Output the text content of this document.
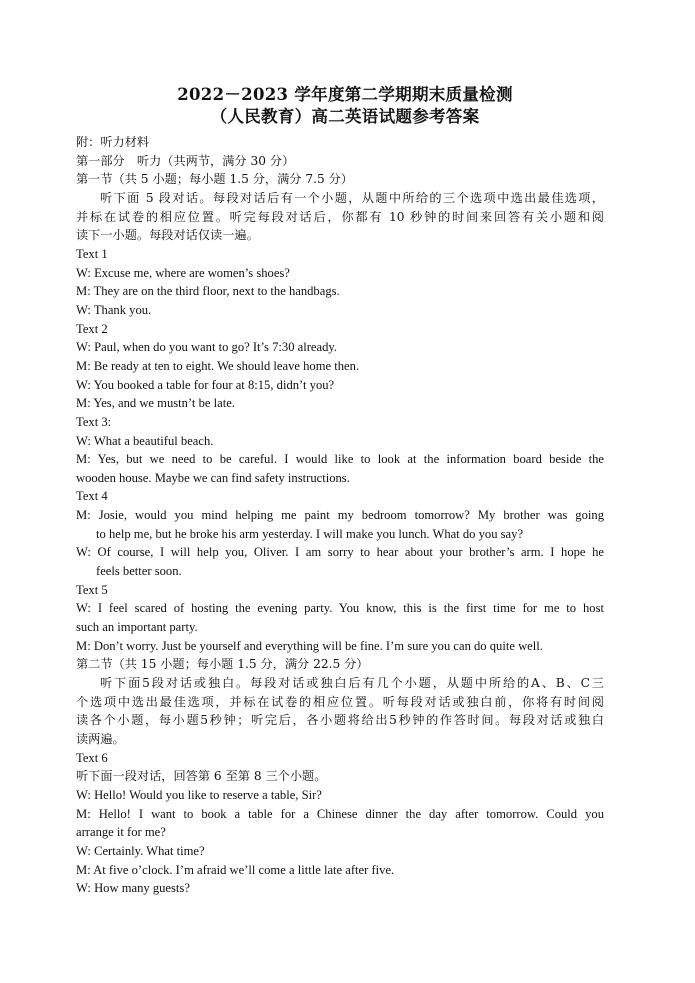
2022－2023 学年度第二学期期末质量检测
（人民教育）高二英语试题参考答案
附：听力材料
第一部分　听力（共两节，满分 30 分）
第一节（共 5 小题；每小题 1.5 分，满分 7.5 分）
听下面 5 段对话。每段对话后有一个小题，从题中所给的三个选项中选出最佳选项，
并标在试卷的相应位置。听完每段对话后，你都有 10 秒钟的时间来回答有关小题和阅
读下一小题。每段对话仅读一遍。
Text 1
W: Excuse me, where are women’s shoes?
M: They are on the third floor, next to the handbags.
W: Thank you.
Text 2
W: Paul, when do you want to go? It’s 7:30 already.
M: Be ready at ten to eight. We should leave home then.
W: You booked a table for four at 8:15, didn’t you?
M: Yes, and we mustn’t be late.
Text 3:
W: What a beautiful beach.
M: Yes, but we need to be careful. I would like to look at the information board beside the
wooden house. Maybe we can find safety instructions.
Text 4
M: Josie, would you mind helping me paint my bedroom tomorrow? My brother was going
to help me, but he broke his arm yesterday. I will make you lunch. What do you say?
W: Of course, I will help you, Oliver. I am sorry to hear about your brother’s arm. I hope he
feels better soon.
Text 5
W: I feel scared of hosting the evening party. You know, this is the first time for me to host
such an important party.
M: Don’t worry. Just be yourself and everything will be fine. I’m sure you can do quite well.
第二节（共 15 小题；每小题 1.5 分，满分 22.5 分）
听下面5段对话或独白。每段对话或独白后有几个小题，从题中所给的A、B、C三
个选项中选出最佳选项，并标在试卷的相应位置。听每段对话或独白前，你将有时间阅
读各个小题，每小题5秒钟；听完后，各小题将给出5秒钟的作答时间。每段对话或独白
读两遍。
Text 6
听下面一段对话，回答第 6 至第 8 三个小题。
W: Hello! Would you like to reserve a table, Sir?
M: Hello! I want to book a table for a Chinese dinner the day after tomorrow. Could you
arrange it for me?
W: Certainly. What time?
M: At five o’clock. I’m afraid we’ll come a little late after five.
W: How many guests?
